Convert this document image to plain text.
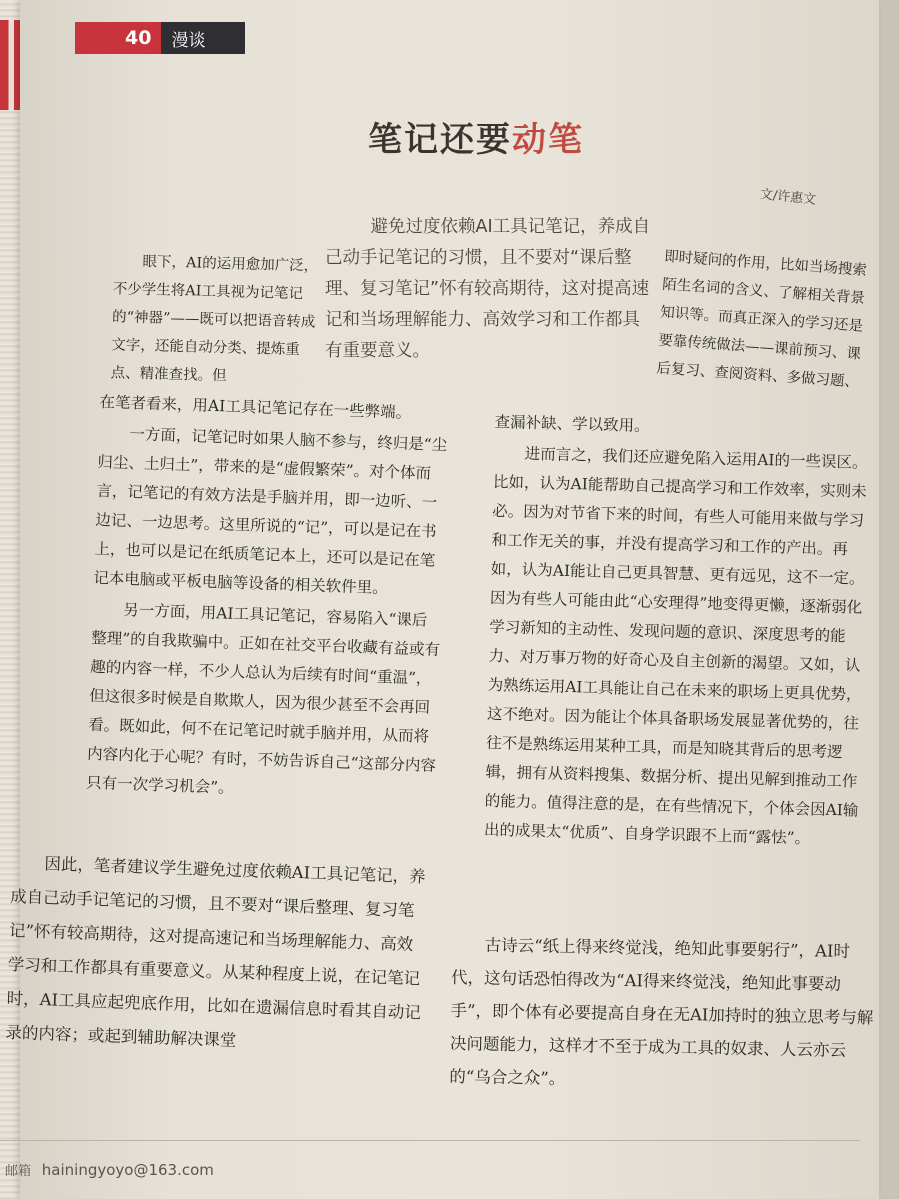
40	漫谈
笔记还要动笔
文/许惠文

避免过度依赖AI工具记笔记，养成自己动手记笔记的习惯，且不要对“课后整理、复习笔记”怀有较高期待，这对提高速记和当场理解能力、高效学习和工作都具有重要意义。

眼下，AI的运用愈加广泛，不少学生将AI工具视为记笔记的“神器”——既可以把语音转成文字，还能自动分类、提炼重点、精准查找。但

在笔者看来，用AI工具记笔记存在一些弊端。

一方面，记笔记时如果人脑不参与，终归是“尘归尘、土归土”，带来的是“虚假繁荣”。对个体而言，记笔记的有效方法是手脑并用，即一边听、一边记、一边思考。这里所说的“记”，可以是记在书上，也可以是记在纸质笔记本上，还可以是记在笔记本电脑或平板电脑等设备的相关软件里。

另一方面，用AI工具记笔记，容易陷入“课后整理”的自我欺骗中。正如在社交平台收藏有益或有趣的内容一样，不少人总认为后续有时间“重温”，但这很多时候是自欺欺人，因为很少甚至不会再回看。既如此，何不在记笔记时就手脑并用，从而将内容内化于心呢？有时，不妨告诉自己“这部分内容只有一次学习机会”。

因此，笔者建议学生避免过度依赖AI工具记笔记，养成自己动手记笔记的习惯，且不要对“课后整理、复习笔记”怀有较高期待，这对提高速记和当场理解能力、高效学习和工作都具有重要意义。从某种程度上说，在记笔记时，AI工具应起兜底作用，比如在遗漏信息时看其自动记录的内容；或起到辅助解决课堂

即时疑问的作用，比如当场搜索陌生名词的含义、了解相关背景知识等。而真正深入的学习还是要靠传统做法——课前预习、课后复习、查阅资料、多做习题、

查漏补缺、学以致用。

进而言之，我们还应避免陷入运用AI的一些误区。比如，认为AI能帮助自己提高学习和工作效率，实则未必。因为对节省下来的时间，有些人可能用来做与学习和工作无关的事，并没有提高学习和工作的产出。再如，认为AI能让自己更具智慧、更有远见，这不一定。因为有些人可能由此“心安理得”地变得更懒，逐渐弱化学习新知的主动性、发现问题的意识、深度思考的能力、对万事万物的好奇心及自主创新的渴望。又如，认为熟练运用AI工具能让自己在未来的职场上更具优势，这不绝对。因为能让个体具备职场发展显著优势的，往往不是熟练运用某种工具，而是知晓其背后的思考逻辑，拥有从资料搜集、数据分析、提出见解到推动工作的能力。值得注意的是，在有些情况下，个体会因AI输出的成果太“优质”、自身学识跟不上而“露怯”。

古诗云“纸上得来终觉浅，绝知此事要躬行”，AI时代，这句话恐怕得改为“AI得来终觉浅，绝知此事要动手”，即个体有必要提高自身在无AI加持时的独立思考与解决问题能力，这样才不至于成为工具的奴隶、人云亦云的“乌合之众”。

邮箱 hainingyoyo@163.com
